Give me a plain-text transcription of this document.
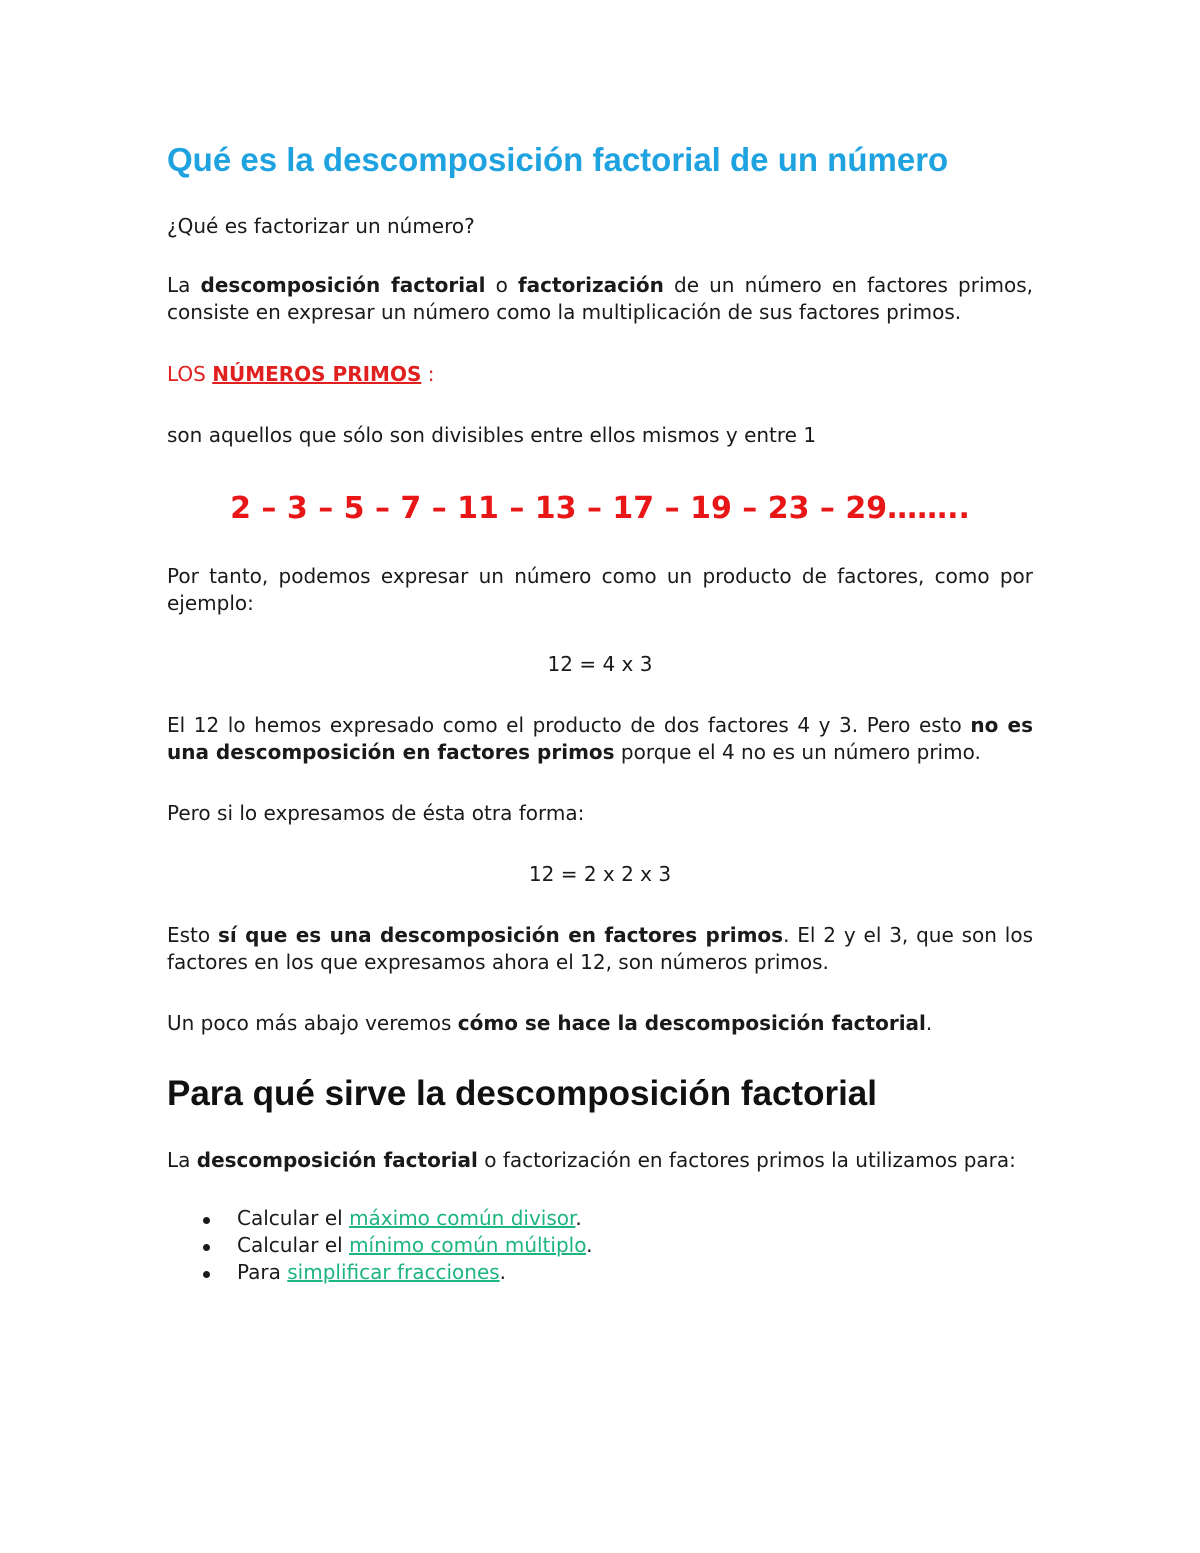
Qué es la descomposición factorial de un número

¿Qué es factorizar un número?

La descomposición factorial o factorización de un número en factores primos, consiste en expresar un número como la multiplicación de sus factores primos.

LOS NÚMEROS PRIMOS :

son aquellos que sólo son divisibles entre ellos mismos y entre 1

2 – 3 – 5 – 7 – 11 – 13 – 17 – 19 – 23 – 29……..

Por tanto, podemos expresar un número como un producto de factores, como por ejemplo:

12 = 4 x 3

El 12 lo hemos expresado como el producto de dos factores 4 y 3. Pero esto no es una descomposición en factores primos porque el 4 no es un número primo.

Pero si lo expresamos de ésta otra forma:

12 = 2 x 2 x 3

Esto sí que es una descomposición en factores primos. El 2 y el 3, que son los factores en los que expresamos ahora el 12, son números primos.

Un poco más abajo veremos cómo se hace la descomposición factorial.

Para qué sirve la descomposición factorial

La descomposición factorial o factorización en factores primos la utilizamos para:

Calcular el máximo común divisor.
Calcular el mínimo común múltiplo.
Para simplificar fracciones.
